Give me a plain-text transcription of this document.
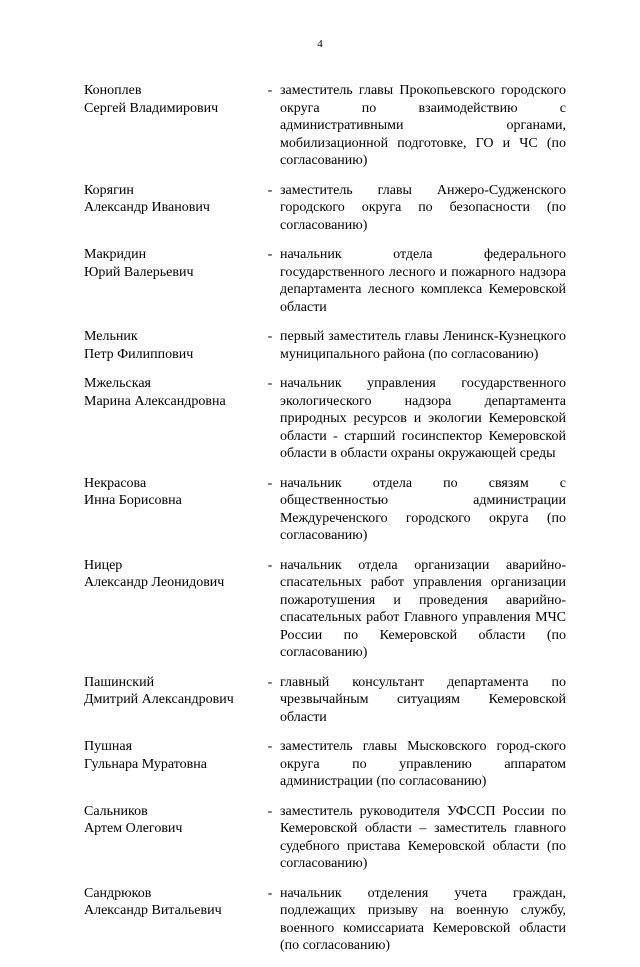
4
Коноплев
Сергей Владимирович
- заместитель главы Прокопьевского городского округа по взаимодействию с административными органами, мобилизационной подготовке, ГО и ЧС (по согласованию)
Корягин
Александр Иванович
- заместитель главы Анжеро-Судженского городского округа по безопасности (по согласованию)
Макридин
Юрий Валерьевич
- начальник отдела федерального государственного лесного и пожарного надзора департамента лесного комплекса Кемеровской области
Мельник
Петр Филиппович
- первый заместитель главы Ленинск-Кузнецкого муниципального района (по согласованию)
Мжельская
Марина Александровна
- начальник управления государственного экологического надзора департамента природных ресурсов и экологии Кемеровской области - старший госинспектор Кемеровской области в области охраны окружающей среды
Некрасова
Инна Борисовна
- начальник отдела по связям с общественностью администрации Междуреченского городского округа (по согласованию)
Ницер
Александр Леонидович
- начальник отдела организации аварийно-спасательных работ управления организации пожаротушения и проведения аварийно-спасательных работ Главного управления МЧС России по Кемеровской области (по согласованию)
Пашинский
Дмитрий Александрович
- главный консультант департамента по чрезвычайным ситуациям Кемеровской области
Пушная
Гульнара Муратовна
- заместитель главы Мысковского город-ского округа по управлению аппаратом администрации (по согласованию)
Сальников
Артем Олегович
- заместитель руководителя УФССП России по Кемеровской области – заместитель главного судебного пристава Кемеровской области (по согласованию)
Сандрюков
Александр Витальевич
- начальник отделения учета граждан, подлежащих призыву на военную службу, военного комиссариата Кемеровской области (по согласованию)
